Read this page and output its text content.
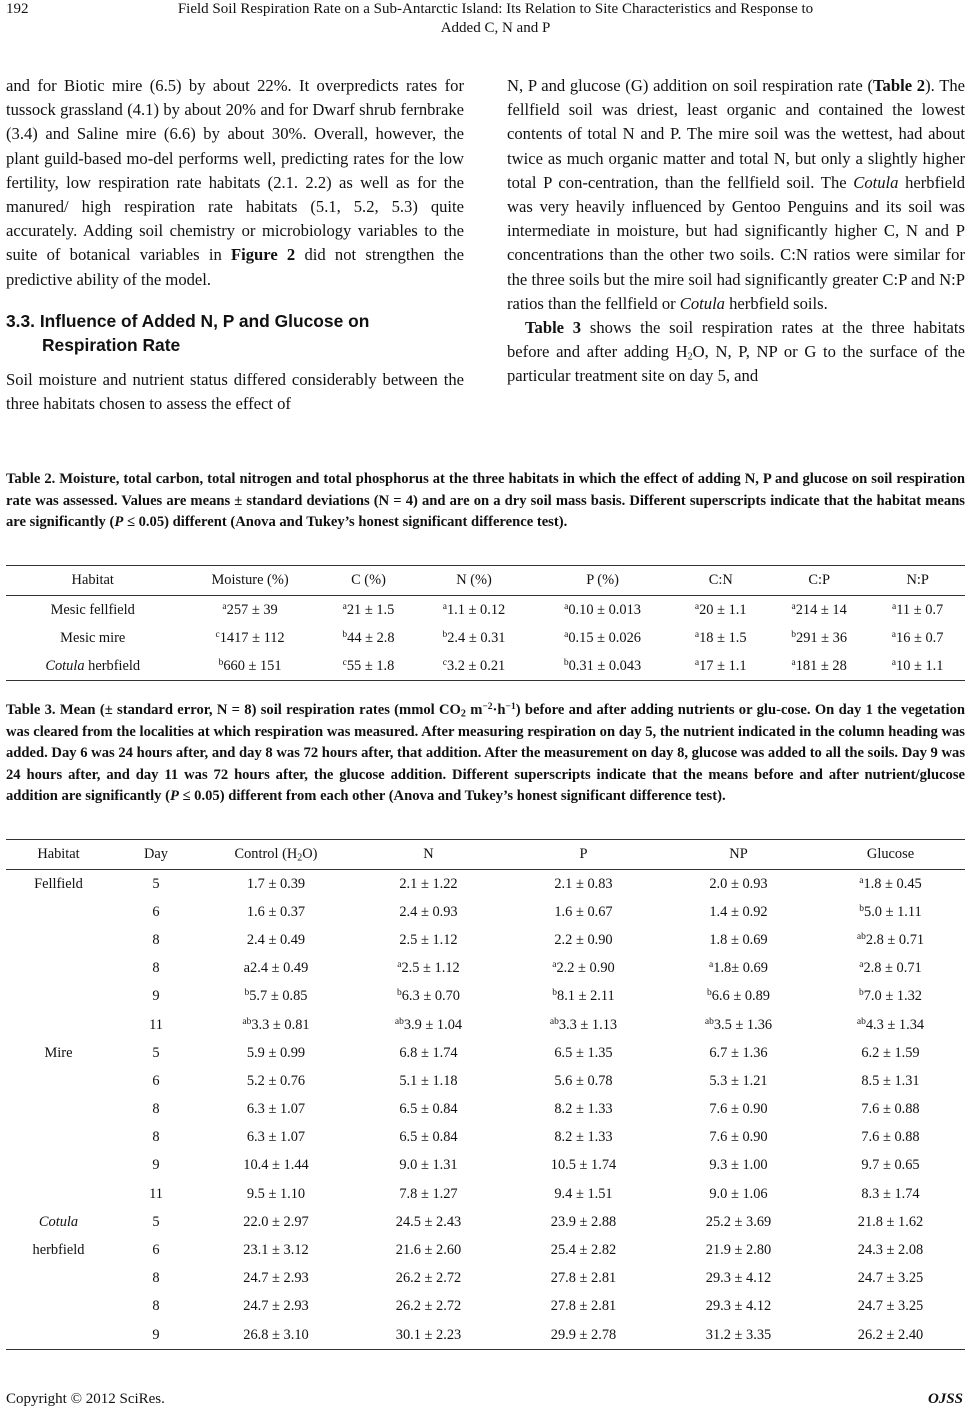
192	Field Soil Respiration Rate on a Sub-Antarctic Island: Its Relation to Site Characteristics and Response to
Added C, N and P

and for Biotic mire (6.5) by about 22%. It overpredicts rates for tussock grassland (4.1) by about 20% and for Dwarf shrub fernbrake (3.4) and Saline mire (6.6) by about 30%. Overall, however, the plant guild-based mo-del performs well, predicting rates for the low fertility, low respiration rate habitats (2.1. 2.2) as well as for the manured/ high respiration rate habitats (5.1, 5.2, 5.3) quite accurately. Adding soil chemistry or microbiology variables to the suite of botanical variables in Figure 2 did not strengthen the predictive ability of the model.

3.3. Influence of Added N, P and Glucose on Respiration Rate

Soil moisture and nutrient status differed considerably between the three habitats chosen to assess the effect of

N, P and glucose (G) addition on soil respiration rate (Table 2). The fellfield soil was driest, least organic and contained the lowest contents of total N and P. The mire soil was the wettest, had about twice as much organic matter and total N, but only a slightly higher total P con-centration, than the fellfield soil. The Cotula herbfield was very heavily influenced by Gentoo Penguins and its soil was intermediate in moisture, but had significantly higher C, N and P concentrations than the other two soils. C:N ratios were similar for the three soils but the mire soil had significantly greater C:P and N:P ratios than the fellfield or Cotula herbfield soils.

Table 3 shows the soil respiration rates at the three habitats before and after adding $H_2O$, N, P, NP or G to the surface of the particular treatment site on day 5, and

Table 2. Moisture, total carbon, total nitrogen and total phosphorus at the three habitats in which the effect of adding N, P and glucose on soil respiration rate was assessed. Values are means ± standard deviations (N = 4) and are on a dry soil mass basis. Different superscripts indicate that the habitat means are significantly (P ≤ 0.05) different (Anova and Tukey’s honest significant difference test).

Habitat	Moisture (%)	C (%)	N (%)	P (%)	C:N	C:P	N:P
Mesic fellfield	$^a$257 ± 39	$^a$21 ± 1.5	$^a$1.1 ± 0.12	$^a$0.10 ± 0.013	$^a$20 ± 1.1	$^a$214 ± 14	$^a$11 ± 0.7
Mesic mire	$^c$1417 ± 112	$^b$44 ± 2.8	$^b$2.4 ± 0.31	$^a$0.15 ± 0.026	$^a$18 ± 1.5	$^b$291 ± 36	$^a$16 ± 0.7
Cotula herbfield	$^b$660 ± 151	$^c$55 ± 1.8	$^c$3.2 ± 0.21	$^b$0.31 ± 0.043	$^a$17 ± 1.1	$^a$181 ± 28	$^a$10 ± 1.1

Table 3. Mean (± standard error, N = 8) soil respiration rates (mmol $CO_2$ $m^{-2}\cdot h^{-1}$) before and after adding nutrients or glu-cose. On day 1 the vegetation was cleared from the localities at which respiration was measured. After measuring respiration on day 5, the nutrient indicated in the column heading was added. Day 6 was 24 hours after, and day 8 was 72 hours after, that addition. After the measurement on day 8, glucose was added to all the soils. Day 9 was 24 hours after, and day 11 was 72 hours after, the glucose addition. Different superscripts indicate that the means before and after nutrient/glucose addition are significantly (P ≤ 0.05) different from each other (Anova and Tukey’s honest significant difference test).

Habitat	Day	Control $(H_2O)$	N	P	NP	Glucose
Fellfield	5	1.7 ± 0.39	2.1 ± 1.22	2.1 ± 0.83	2.0 ± 0.93	$^a$1.8 ± 0.45
	6	1.6 ± 0.37	2.4 ± 0.93	1.6 ± 0.67	1.4 ± 0.92	$^b$5.0 ± 1.11
	8	2.4 ± 0.49	2.5 ± 1.12	2.2 ± 0.90	1.8 ± 0.69	$^{ab}$2.8 ± 0.71
	8	a2.4 ± 0.49	$^a$2.5 ± 1.12	$^a$2.2 ± 0.90	$^a$1.8± 0.69	$^a$2.8 ± 0.71
	9	$^b$5.7 ± 0.85	$^b$6.3 ± 0.70	$^b$8.1 ± 2.11	$^b$6.6 ± 0.89	$^b$7.0 ± 1.32
	11	$^{ab}$3.3 ± 0.81	$^{ab}$3.9 ± 1.04	$^{ab}$3.3 ± 1.13	$^{ab}$3.5 ± 1.36	$^{ab}$4.3 ± 1.34
Mire	5	5.9 ± 0.99	6.8 ± 1.74	6.5 ± 1.35	6.7 ± 1.36	6.2 ± 1.59
	6	5.2 ± 0.76	5.1 ± 1.18	5.6 ± 0.78	5.3 ± 1.21	8.5 ± 1.31
	8	6.3 ± 1.07	6.5 ± 0.84	8.2 ± 1.33	7.6 ± 0.90	7.6 ± 0.88
	8	6.3 ± 1.07	6.5 ± 0.84	8.2 ± 1.33	7.6 ± 0.90	7.6 ± 0.88
	9	10.4 ± 1.44	9.0 ± 1.31	10.5 ± 1.74	9.3 ± 1.00	9.7 ± 0.65
	11	9.5 ± 1.10	7.8 ± 1.27	9.4 ± 1.51	9.0 ± 1.06	8.3 ± 1.74
Cotula	5	22.0 ± 2.97	24.5 ± 2.43	23.9 ± 2.88	25.2 ± 3.69	21.8 ± 1.62
herbfield	6	23.1 ± 3.12	21.6 ± 2.60	25.4 ± 2.82	21.9 ± 2.80	24.3 ± 2.08
	8	24.7 ± 2.93	26.2 ± 2.72	27.8 ± 2.81	29.3 ± 4.12	24.7 ± 3.25
	8	24.7 ± 2.93	26.2 ± 2.72	27.8 ± 2.81	29.3 ± 4.12	24.7 ± 3.25
	9	26.8 ± 3.10	30.1 ± 2.23	29.9 ± 2.78	31.2 ± 3.35	26.2 ± 2.40
Copyright © 2012 SciRes.	OJSS
